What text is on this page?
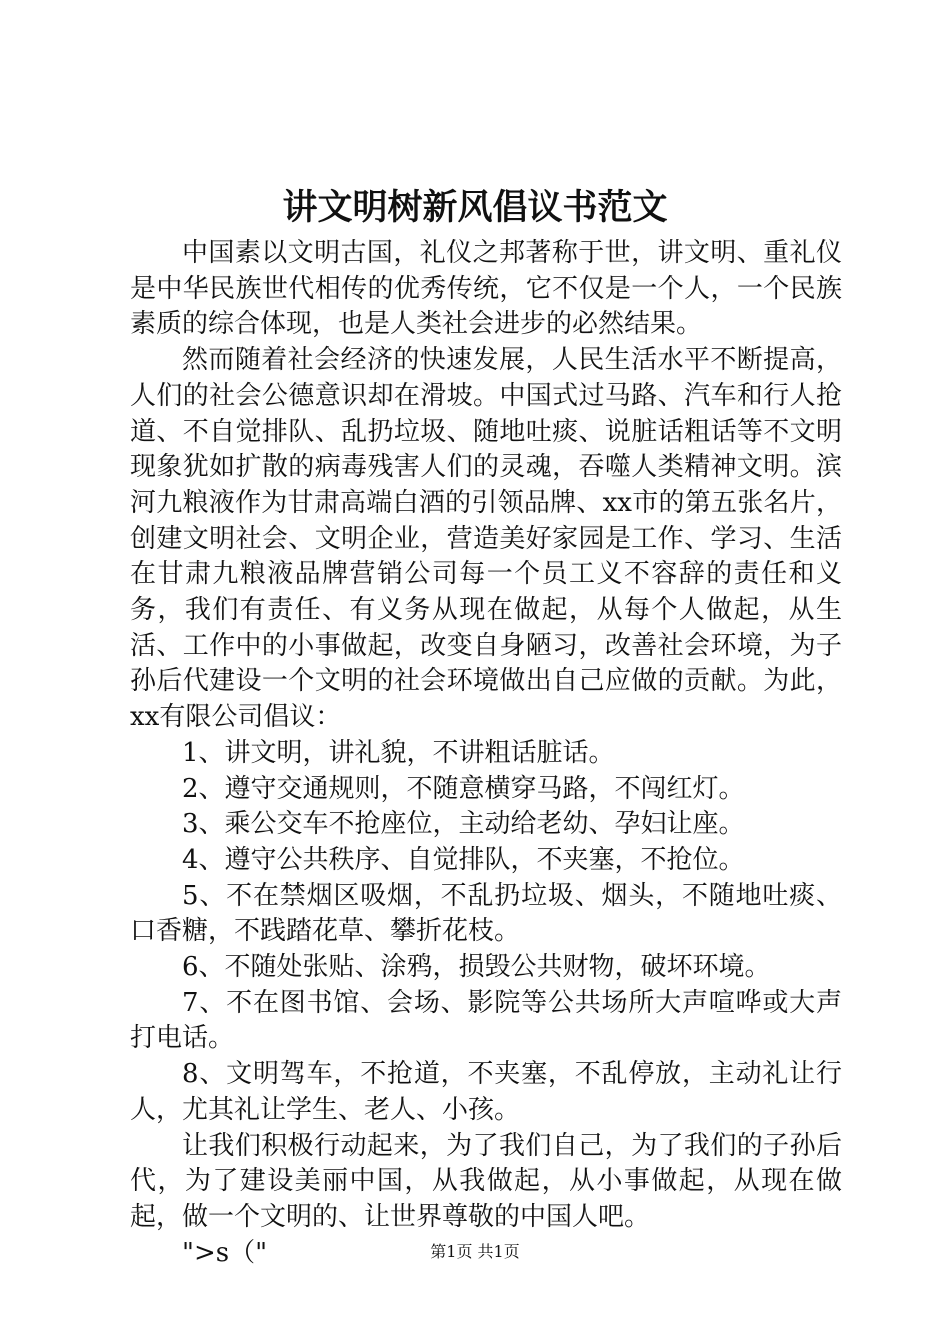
讲文明树新风倡议书范文

中国素以文明古国，礼仪之邦著称于世，讲文明、重礼仪是中华民族世代相传的优秀传统，它不仅是一个人，一个民族素质的综合体现，也是人类社会进步的必然结果。

然而随着社会经济的快速发展，人民生活水平不断提高，人们的社会公德意识却在滑坡。中国式过马路、汽车和行人抢道、不自觉排队、乱扔垃圾、随地吐痰、说脏话粗话等不文明现象犹如扩散的病毒残害人们的灵魂，吞噬人类精神文明。滨河九粮液作为甘肃高端白酒的引领品牌、xx市的第五张名片，创建文明社会、文明企业，营造美好家园是工作、学习、生活在甘肃九粮液品牌营销公司每一个员工义不容辞的责任和义务，我们有责任、有义务从现在做起，从每个人做起，从生活、工作中的小事做起，改变自身陋习，改善社会环境，为子孙后代建设一个文明的社会环境做出自己应做的贡献。为此，xx有限公司倡议：

1、讲文明，讲礼貌，不讲粗话脏话。

2、遵守交通规则，不随意横穿马路，不闯红灯。

3、乘公交车不抢座位，主动给老幼、孕妇让座。

4、遵守公共秩序、自觉排队，不夹塞，不抢位。

5、不在禁烟区吸烟，不乱扔垃圾、烟头，不随地吐痰、口香糖，不践踏花草、攀折花枝。

6、不随处张贴、涂鸦，损毁公共财物，破坏环境。

7、不在图书馆、会场、影院等公共场所大声喧哗或大声打电话。

8、文明驾车，不抢道，不夹塞，不乱停放，主动礼让行人，尤其礼让学生、老人、小孩。

让我们积极行动起来，为了我们自己，为了我们的子孙后代，为了建设美丽中国，从我做起，从小事做起，从现在做起，做一个文明的、让世界尊敬的中国人吧。

">s（"	第1页 共1页
